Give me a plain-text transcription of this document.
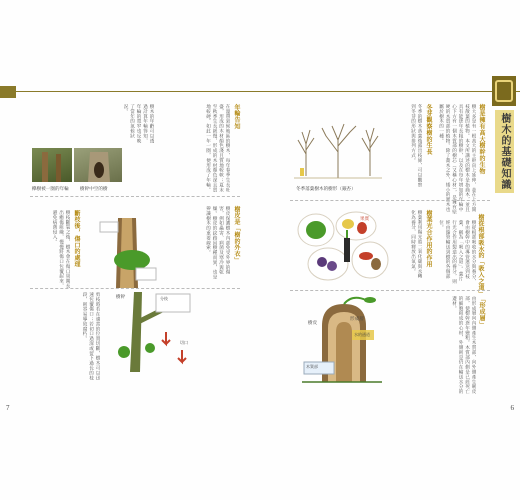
樹木的基礎知識
樹是擁有高大樹幹的生物
樹大多是有一根高大的主幹向上延伸，並在上方開枝散葉的植物。本文所講述的樹木是指喬木，並且具有能逐年長粗的樹幹，以及在每年增加的年輪中心下方有一個木質部的樹芯（又稱心材），是擁有堅硬的木質部的植物。除了喬木之外，矮小的灌木也屬於樹木的一種。
樹從根部吸水的「吸入之道」
樹從根部吸收的水分與養分，會由樹幹中的導管運送到枝葉，稱為「吸入之道」。葉片行光合作用製造出的養分，則經由篩管輸送到樹的各個部位。
「形成層」
由形成層向內側產生木質部，向外側產生韌皮部，使樹幹逐年變粗。木質部內側是已經死亡的細胞組成的心材，外側則是仍在輸送水分的邊材。
冬芽觀察樹的生長
冬季的樹木落葉後露出枝條，可以觀察到冬芽的形狀與排列方式。
冬季落葉樹木的樹形（銀杏）
樹葉光合作用的作用
樹葉利用陽光將二氧化碳與水轉化為養分，同時釋放出氧氣。
果實
樹皮
形成層
水的通道
木質部
年輪告知
在溫帶氣候地區的樹木，每年春季生長旺盛，形成的木材顏色淺且質地較軟；夏末至秋季生長緩慢，形成的木材顏色深且質地較硬。如此一年一圈，便形成了年輪。
樹木的年齡可以透過計算年輪得知，年輪的寬窄也反映了當年的氣候狀況。
櫸樹被一圈的年輪 樹幹中空的樹
樹皮是「樹的外衣」
樹皮保護樹木內部免受外界的傷害，例如蟲害、病菌及寒冷與乾燥。樹皮的紋路因樹種而異，也是辨識樹木的重要線索。
斷枝後，傷口的處理
樹枝斷裂之後，樹木會在傷口周圍長出癒傷組織，慢慢將傷口包覆起來，避免病菌侵入。
樹幹	分枝
切口
剪枝時若在適當的位置切斷，樹木可以迅速包覆傷口；若切口過深或留下過長的枝段，則容易導致腐朽。
7	6
